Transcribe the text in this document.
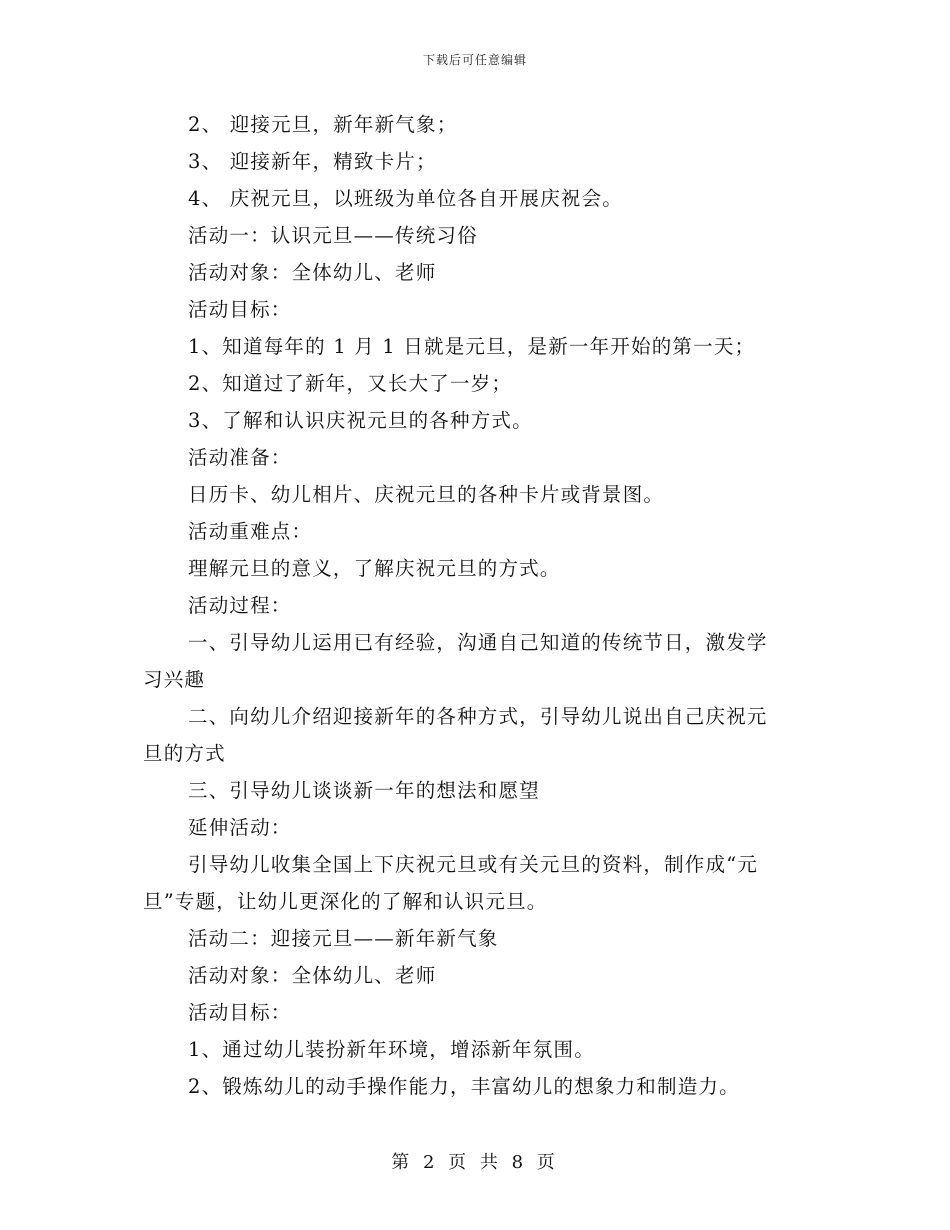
下载后可任意编辑
2、 迎接元旦，新年新气象；
3、 迎接新年，精致卡片；
4、 庆祝元旦，以班级为单位各自开展庆祝会。
活动一：认识元旦——传统习俗
活动对象：全体幼儿、老师
活动目标：
1、知道每年的 1 月 1 日就是元旦，是新一年开始的第一天；
2、知道过了新年，又长大了一岁；
3、了解和认识庆祝元旦的各种方式。
活动准备：
日历卡、幼儿相片、庆祝元旦的各种卡片或背景图。
活动重难点：
理解元旦的意义，了解庆祝元旦的方式。
活动过程：
一、引导幼儿运用已有经验，沟通自己知道的传统节日，激发学
习兴趣
二、向幼儿介绍迎接新年的各种方式，引导幼儿说出自己庆祝元
旦的方式
三、引导幼儿谈谈新一年的想法和愿望
延伸活动：
引导幼儿收集全国上下庆祝元旦或有关元旦的资料，制作成“元
旦”专题，让幼儿更深化的了解和认识元旦。
活动二：迎接元旦——新年新气象
活动对象：全体幼儿、老师
活动目标：
1、通过幼儿装扮新年环境，增添新年氛围。
2、锻炼幼儿的动手操作能力，丰富幼儿的想象力和制造力。
第 2 页 共 8 页
